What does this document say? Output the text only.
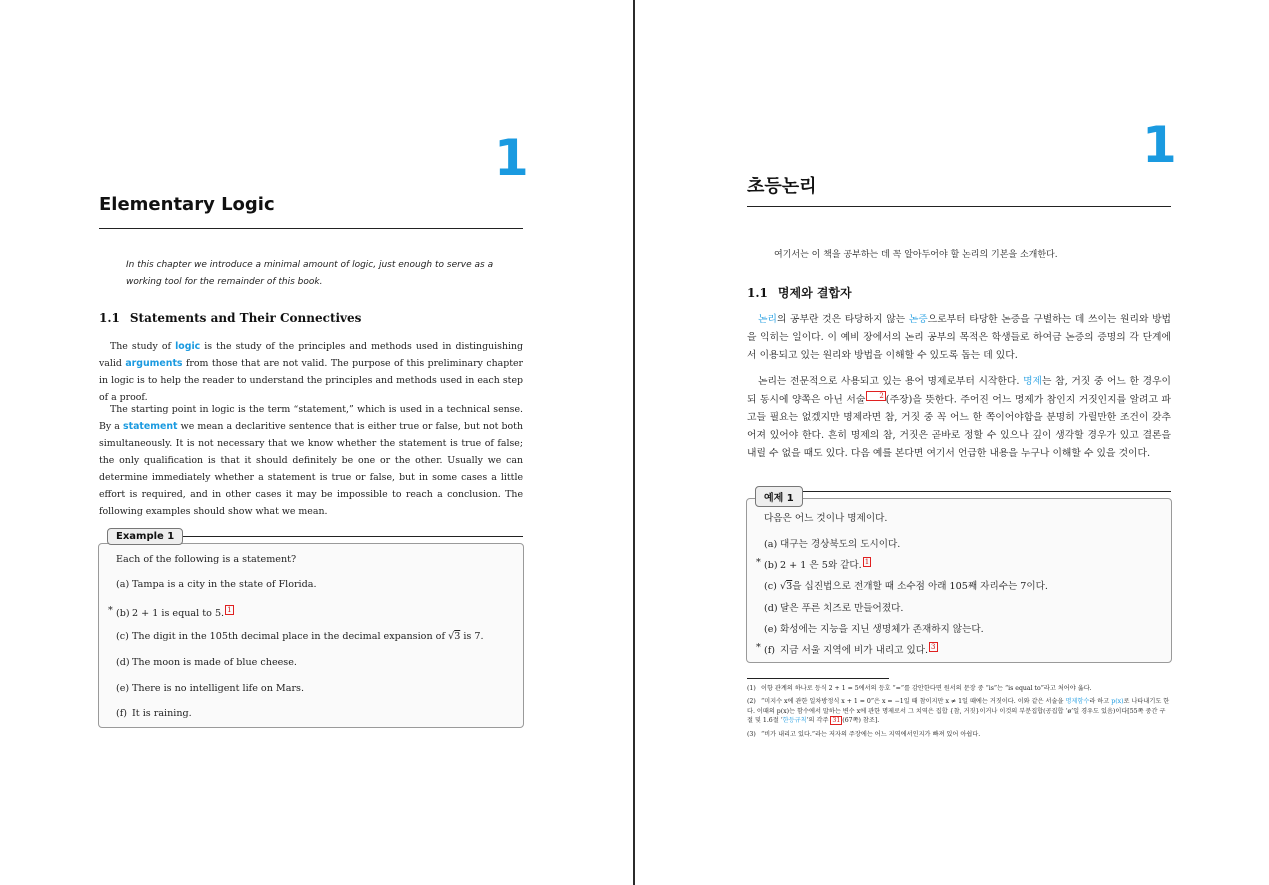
1
Elementary Logic
In this chapter we introduce a minimal amount of logic, just enough to serve as a
working tool for the remainder of this book.
1.1 Statements and Their Connectives
The study of logic is the study of the principles and methods used in distinguishing valid arguments from those that are not valid. The purpose of this preliminary chapter in logic is to help the reader to understand the principles and methods used in each step of a proof.
The starting point in logic is the term “statement,” which is used in a technical sense. By a statement we mean a declaritive sentence that is either true or false, but not both simultaneously. It is not necessary that we know whether the statement is true of false; the only qualification is that it should definitely be one or the other. Usually we can determine immediately whether a statement is true or false, but in some cases a little effort is required, and in other cases it may be impossible to reach a conclusion. The following examples should show what we mean.
Example 1
Each of the following is a statement?
(a) Tampa is a city in the state of Florida.
* (b) 2 + 1 is equal to 5. 1
(c) The digit in the 105th decimal place in the decimal expansion of √3 is 7.
(d) The moon is made of blue cheese.
(e) There is no intelligent life on Mars.
(f) It is raining.
1
초등논리
여기서는 이 책을 공부하는 데 꼭 알아두어야 할 논리의 기본을 소개한다.
1.1 명제와 결합자
논리의 공부란 것은 타당하지 않는 논증으로부터 타당한 논증을 구별하는 데 쓰이는 원리와 방법을 익히는 일이다. 이 예비 장에서의 논리 공부의 목적은 학생들로 하여금 논증의 증명의 각 단계에서 이용되고 있는 원리와 방법을 이해할 수 있도록 돕는 데 있다.
논리는 전문적으로 사용되고 있는 용어 명제로부터 시작한다. 명제는 참, 거짓 중 어느 한 경우이되 동시에 양쪽은 아닌 서술 2 (주장)을 뜻한다. 주어진 어느 명제가 참인지 거짓인지를 알려고 파고들 필요는 없겠지만 명제라면 참, 거짓 중 꼭 어느 한 쪽이어야함을 분명히 가릴만한 조건이 갖추어져 있어야 한다. 흔히 명제의 참, 거짓은 곧바로 정할 수 있으나 깊이 생각할 경우가 있고 결론을 내릴 수 없을 때도 있다. 다음 예를 본다면 여기서 언급한 내용을 누구나 이해할 수 있을 것이다.
예제 1
다음은 어느 것이나 명제이다.
(a) 대구는 경상북도의 도시이다.
* (b) 2 + 1 은 5와 같다. 1
(c) √3을 십진법으로 전개할 때 소수점 아래 105째 자리수는 7이다.
(d) 달은 푸른 치즈로 만들어졌다.
(e) 화성에는 지능을 지닌 생명체가 존재하지 않는다.
* (f) 지금 서울 지역에 비가 내리고 있다. 3
(1) 이항 관계의 하나로 등식 2 + 1 = 5에서의 등호 “=”를 감안한다면 원서의 문장 중 “is”는 “is equal to”라고 처어야 옳다.
(2) “미지수 x에 관한 일차방정식 x + 1 = 0”은 x = −1일 때 참이지만 x ≠ 1일 때에는 거짓이다. 이와 같은 서술을 명제함수라 하고 p(x)로 나타내기도 한다. 이때의 p(x)는 함수에서 말하는 변수 x에 관한 명제로서 그 치역은 집합 {참, 거짓}이거나 이것의 부분집합(공집합 ‘ø’일 경우도 있음)이다[55쪽 중간 구절 및 1.6절 ‘한등규칙’의 각주 31 (67쪽) 참조].
(3) “비가 내리고 있다.”라는 저자의 주장에는 어느 지역에서인지가 빠져 있어 아쉽다.
